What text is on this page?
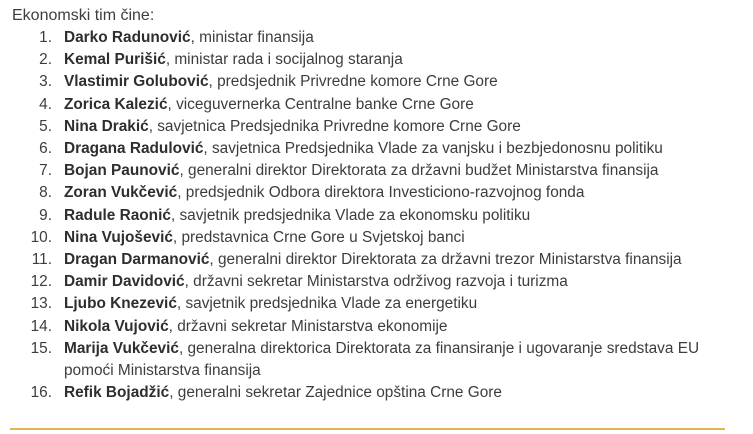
Ekonomski tim čine:
1. Darko Radunović, ministar finansija
2. Kemal Purišić, ministar rada i socijalnog staranja
3. Vlastimir Golubović, predsjednik Privredne komore Crne Gore
4. Zorica Kalezić, viceguvernerka Centralne banke Crne Gore
5. Nina Drakić, savjetnica Predsjednika Privredne komore Crne Gore
6. Dragana Radulović, savjetnica Predsjednika Vlade za vanjsku i bezbjedonosnu politiku
7. Bojan Paunović, generalni direktor Direktorata za državni budžet Ministarstva finansija
8. Zoran Vukčević, predsjednik Odbora direktora Investiciono-razvojnog fonda
9. Radule Raonić, savjetnik predsjednika Vlade za ekonomsku politiku
10. Nina Vujošević, predstavnica Crne Gore u Svjetskoj banci
11. Dragan Darmanović, generalni direktor Direktorata za državni trezor Ministarstva finansija
12. Damir Davidović, državni sekretar Ministarstva održivog razvoja i turizma
13. Ljubo Knezević, savjetnik predsjednika Vlade za energetiku
14. Nikola Vujović, državni sekretar Ministarstva ekonomije
15. Marija Vukčević, generalna direktorica Direktorata za finansiranje i ugovaranje sredstava EU pomoći Ministarstva finansija
16. Refik Bojadžić, generalni sekretar Zajednice opština Crne Gore
